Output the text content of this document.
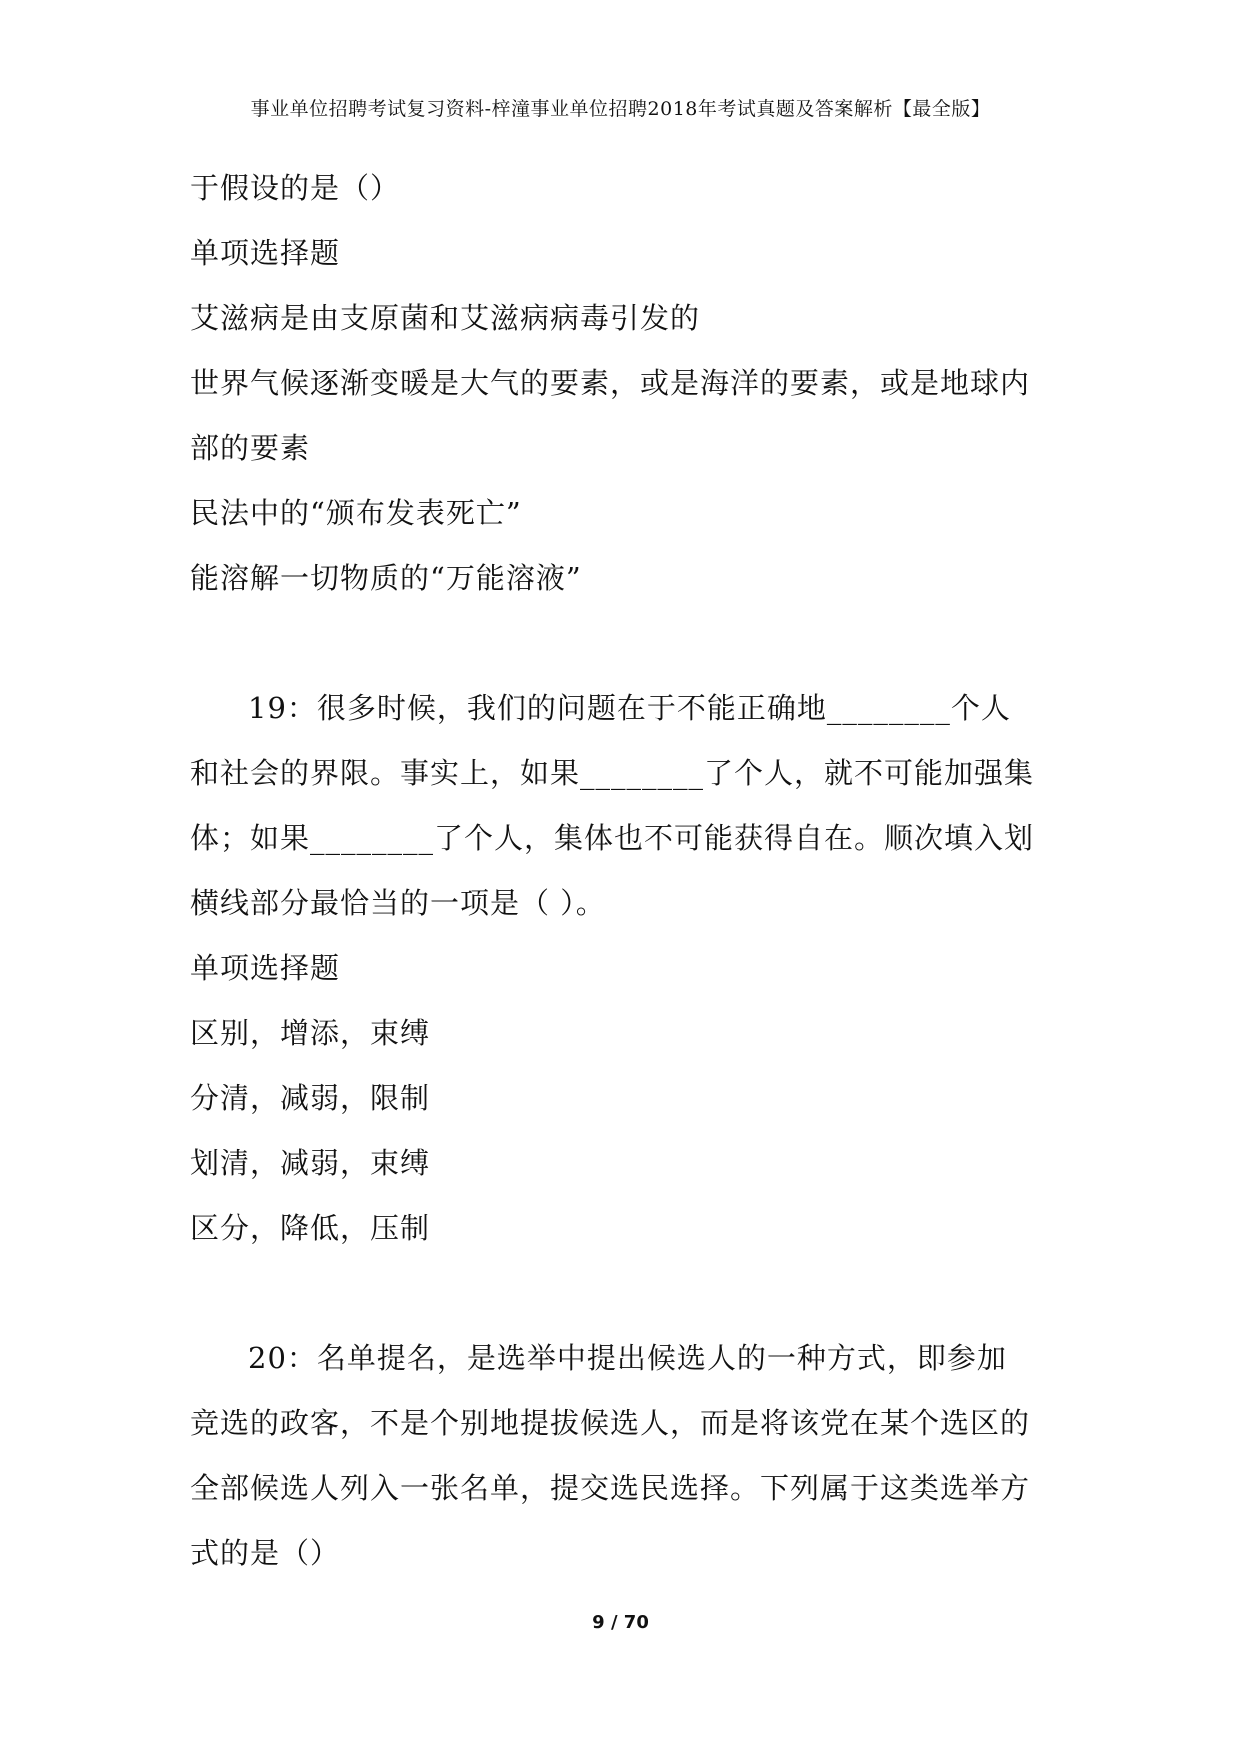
事业单位招聘考试复习资料-梓潼事业单位招聘2018年考试真题及答案解析【最全版】
于假设的是（）
单项选择题
艾滋病是由支原菌和艾滋病病毒引发的
世界气候逐渐变暖是大气的要素，或是海洋的要素，或是地球内
部的要素
民法中的“颁布发表死亡”
能溶解一切物质的“万能溶液”
19：很多时候，我们的问题在于不能正确地________个人
和社会的界限。事实上，如果________了个人，就不可能加强集
体；如果________了个人，集体也不可能获得自在。顺次填入划
横线部分最恰当的一项是（ ）。
单项选择题
区别，增添，束缚
分清，减弱，限制
划清，减弱，束缚
区分，降低，压制
20：名单提名，是选举中提出候选人的一种方式，即参加
竞选的政客，不是个别地提拔候选人，而是将该党在某个选区的
全部候选人列入一张名单，提交选民选择。下列属于这类选举方
式的是（）
9 / 70
